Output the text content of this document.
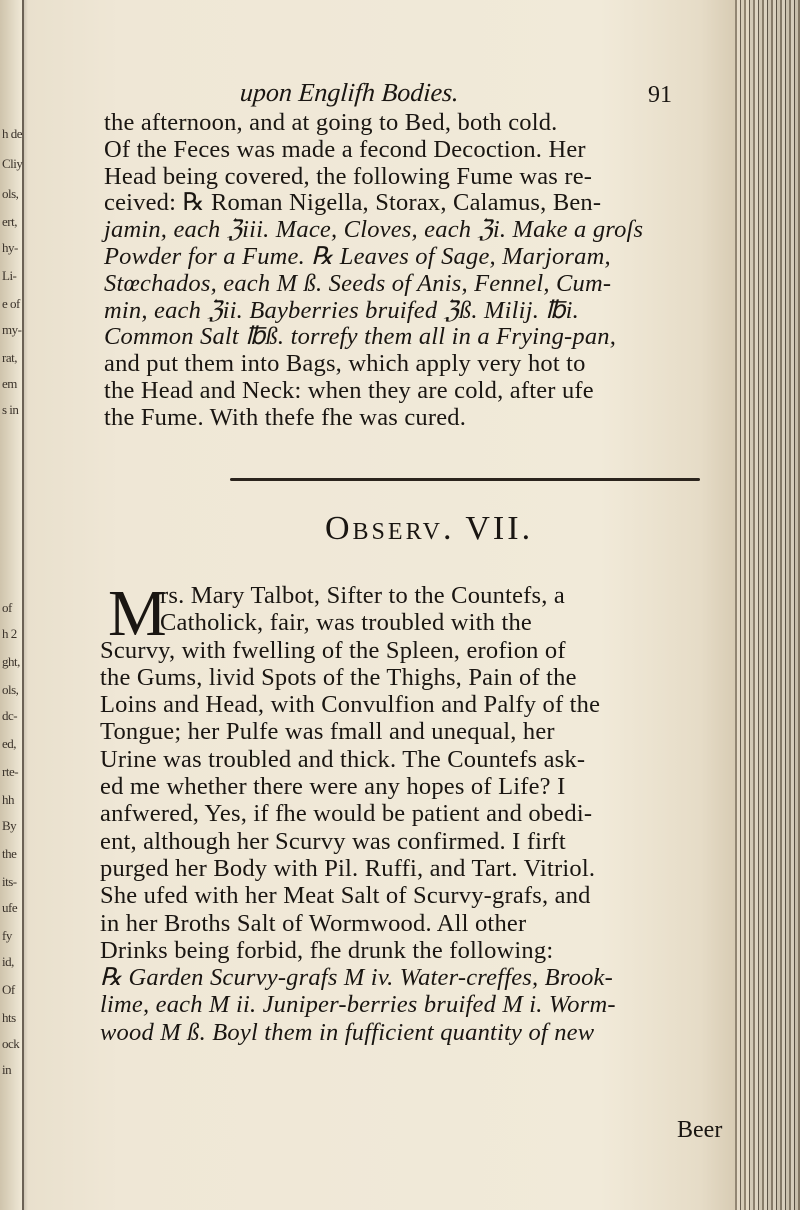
h de
Cliy
ols,
ert,
hy-
Li-
e of
my-
rat,
em
s in
of
h 2
ght,
ols,
dc-
ed,
rte-
hh
By
the
its-
ufe
fy
id,
Of
hts
ock
in
upon Englifh Bodies.	91
the afternoon, and at going to Bed, both cold.
Of the Feces was made a fecond Decoction. Her
Head being covered, the following Fume was re-
ceived: ℞ Roman Nigella, Storax, Calamus, Ben-
jamin, each ℨiii. Mace, Cloves, each ℨi. Make a groſs
Powder for a Fume. ℞ Leaves of Sage, Marjoram,
Stœchados, each M ß. Seeds of Anis, Fennel, Cum-
min, each ℨii. Bayberries bruifed ℨß. Milij. ℔i.
Common Salt ℔ß. torrefy them all in a Frying-pan,
and put them into Bags, which apply very hot to
the Head and Neck: when they are cold, after ufe
the Fume. With thefe fhe was cured.
Observ. VII.
M
rs. Mary Talbot, Sifter to the Countefs, a
Catholick, fair, was troubled with the
Scurvy, with fwelling of the Spleen, erofion of
the Gums, livid Spots of the Thighs, Pain of the
Loins and Head, with Convulfion and Palfy of the
Tongue; her Pulfe was fmall and unequal, her
Urine was troubled and thick. The Countefs ask-
ed me whether there were any hopes of Life? I
anfwered, Yes, if fhe would be patient and obedi-
ent, although her Scurvy was confirmed. I firft
purged her Body with Pil. Ruffi, and Tart. Vitriol.
She ufed with her Meat Salt of Scurvy-grafs, and
in her Broths Salt of Wormwood. All other
Drinks being forbid, fhe drunk the following:
℞ Garden Scurvy-grafs M iv. Water-creffes, Brook-
lime, each M ii. Juniper-berries bruifed M i. Worm-
wood M ß. Boyl them in fufficient quantity of new
Beer
